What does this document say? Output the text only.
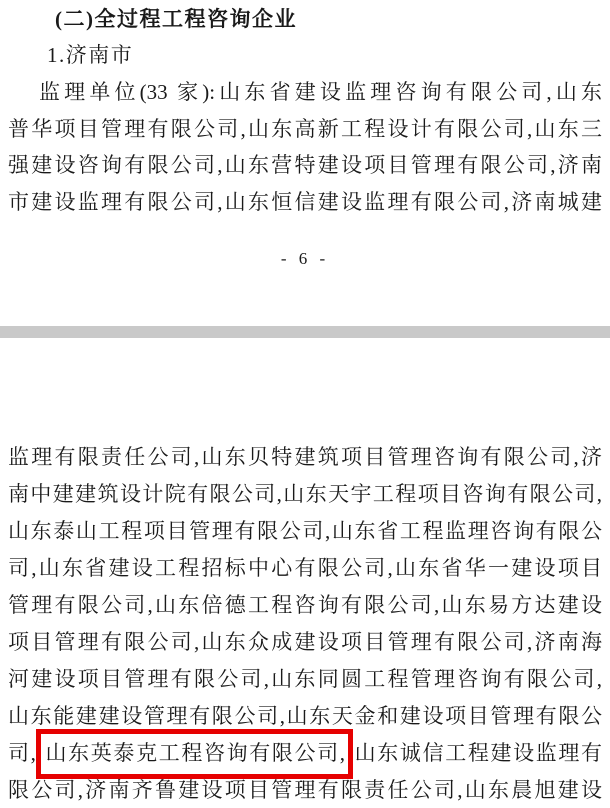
(二)全过程工程咨询企业
1.济南市
监理单位(33 家):山东省建设监理咨询有限公司,山东
普华项目管理有限公司,山东高新工程设计有限公司,山东三
强建设咨询有限公司,山东营特建设项目管理有限公司,济南
市建设监理有限公司,山东恒信建设监理有限公司,济南城建
- 6 -
监理有限责任公司,山东贝特建筑项目管理咨询有限公司,济
南中建建筑设计院有限公司,山东天宇工程项目咨询有限公司,
山东泰山工程项目管理有限公司,山东省工程监理咨询有限公
司,山东省建设工程招标中心有限公司,山东省华一建设项目
管理有限公司,山东倍德工程咨询有限公司,山东易方达建设
项目管理有限公司,山东众成建设项目管理有限公司,济南海
河建设项目管理有限公司,山东同圆工程管理咨询有限公司,
山东能建建设管理有限公司,山东天金和建设项目管理有限公
司, 山东英泰克工程咨询有限公司, 山东诚信工程建设监理有
限公司,济南齐鲁建设项目管理有限责任公司,山东晨旭建设
